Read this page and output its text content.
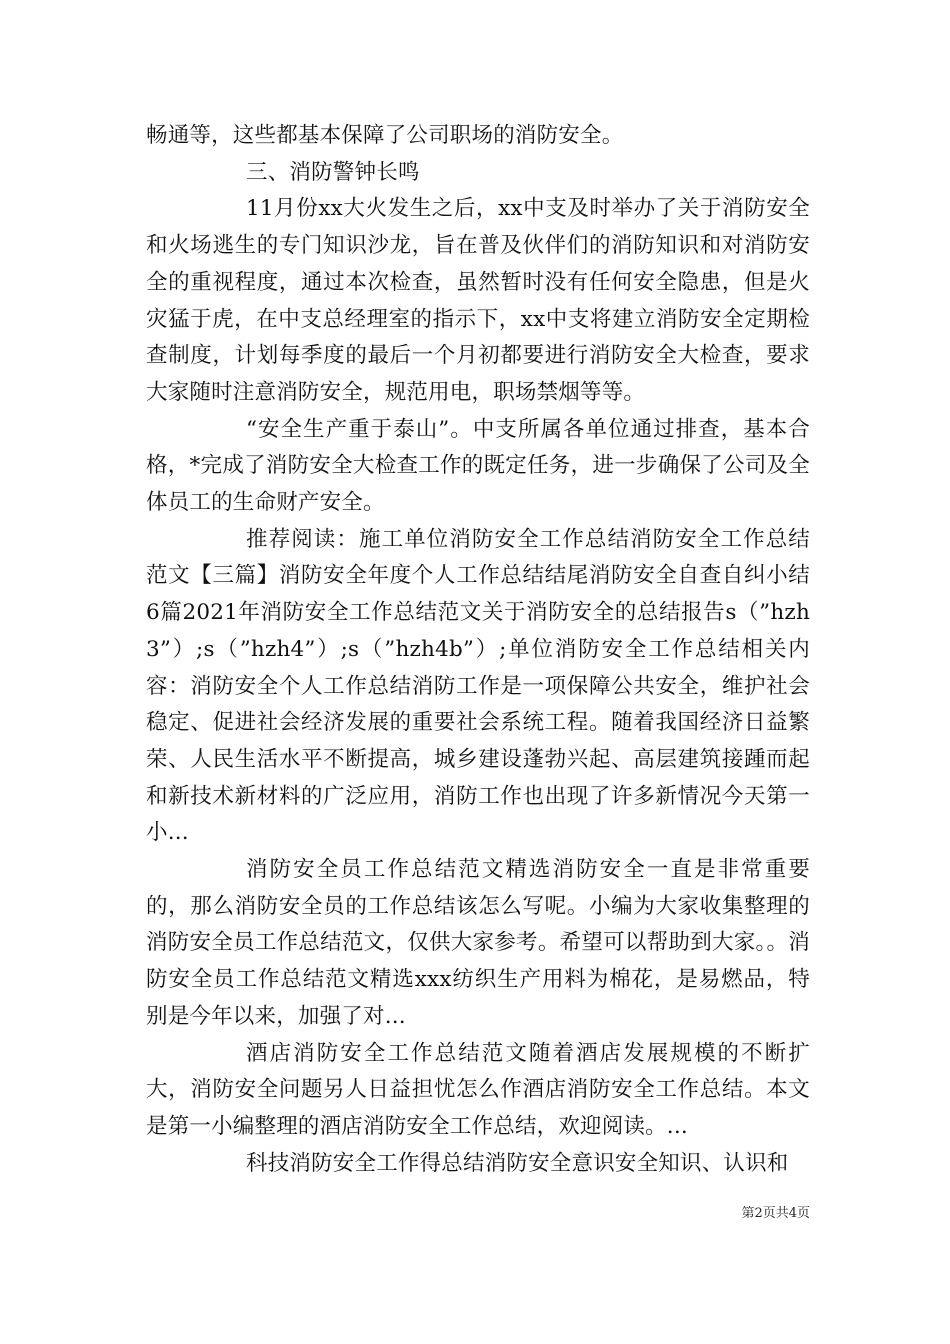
畅通等，这些都基本保障了公司职场的消防安全。

三、消防警钟长鸣

11月份xx大火发生之后，xx中支及时举办了关于消防安全和火场逃生的专门知识沙龙，旨在普及伙伴们的消防知识和对消防安全的重视程度，通过本次检查，虽然暂时没有任何安全隐患，但是火灾猛于虎，在中支总经理室的指示下，xx中支将建立消防安全定期检查制度，计划每季度的最后一个月初都要进行消防安全大检查，要求大家随时注意消防安全，规范用电，职场禁烟等等。

“安全生产重于泰山”。中支所属各单位通过排查，基本合格，*完成了消防安全大检查工作的既定任务，进一步确保了公司及全体员工的生命财产安全。

推荐阅读：施工单位消防安全工作总结消防安全工作总结范文【三篇】消防安全年度个人工作总结结尾消防安全自查自纠小结6篇2021年消防安全工作总结范文关于消防安全的总结报告s（”hzh3”）;s（”hzh4”）;s（”hzh4b”）;单位消防安全工作总结相关内容：消防安全个人工作总结消防工作是一项保障公共安全，维护社会稳定、促进社会经济发展的重要社会系统工程。随着我国经济日益繁荣、人民生活水平不断提高，城乡建设蓬勃兴起、高层建筑接踵而起和新技术新材料的广泛应用，消防工作也出现了许多新情况今天第一小...

消防安全员工作总结范文精选消防安全一直是非常重要的，那么消防安全员的工作总结该怎么写呢。小编为大家收集整理的消防安全员工作总结范文，仅供大家参考。希望可以帮助到大家。。消防安全员工作总结范文精选xxx纺织生产用料为棉花，是易燃品，特别是今年以来，加强了对...

酒店消防安全工作总结范文随着酒店发展规模的不断扩大，消防安全问题另人日益担忧怎么作酒店消防安全工作总结。本文是第一小编整理的酒店消防安全工作总结，欢迎阅读。...

科技消防安全工作得总结消防安全意识安全知识、认识和

第2页共4页
